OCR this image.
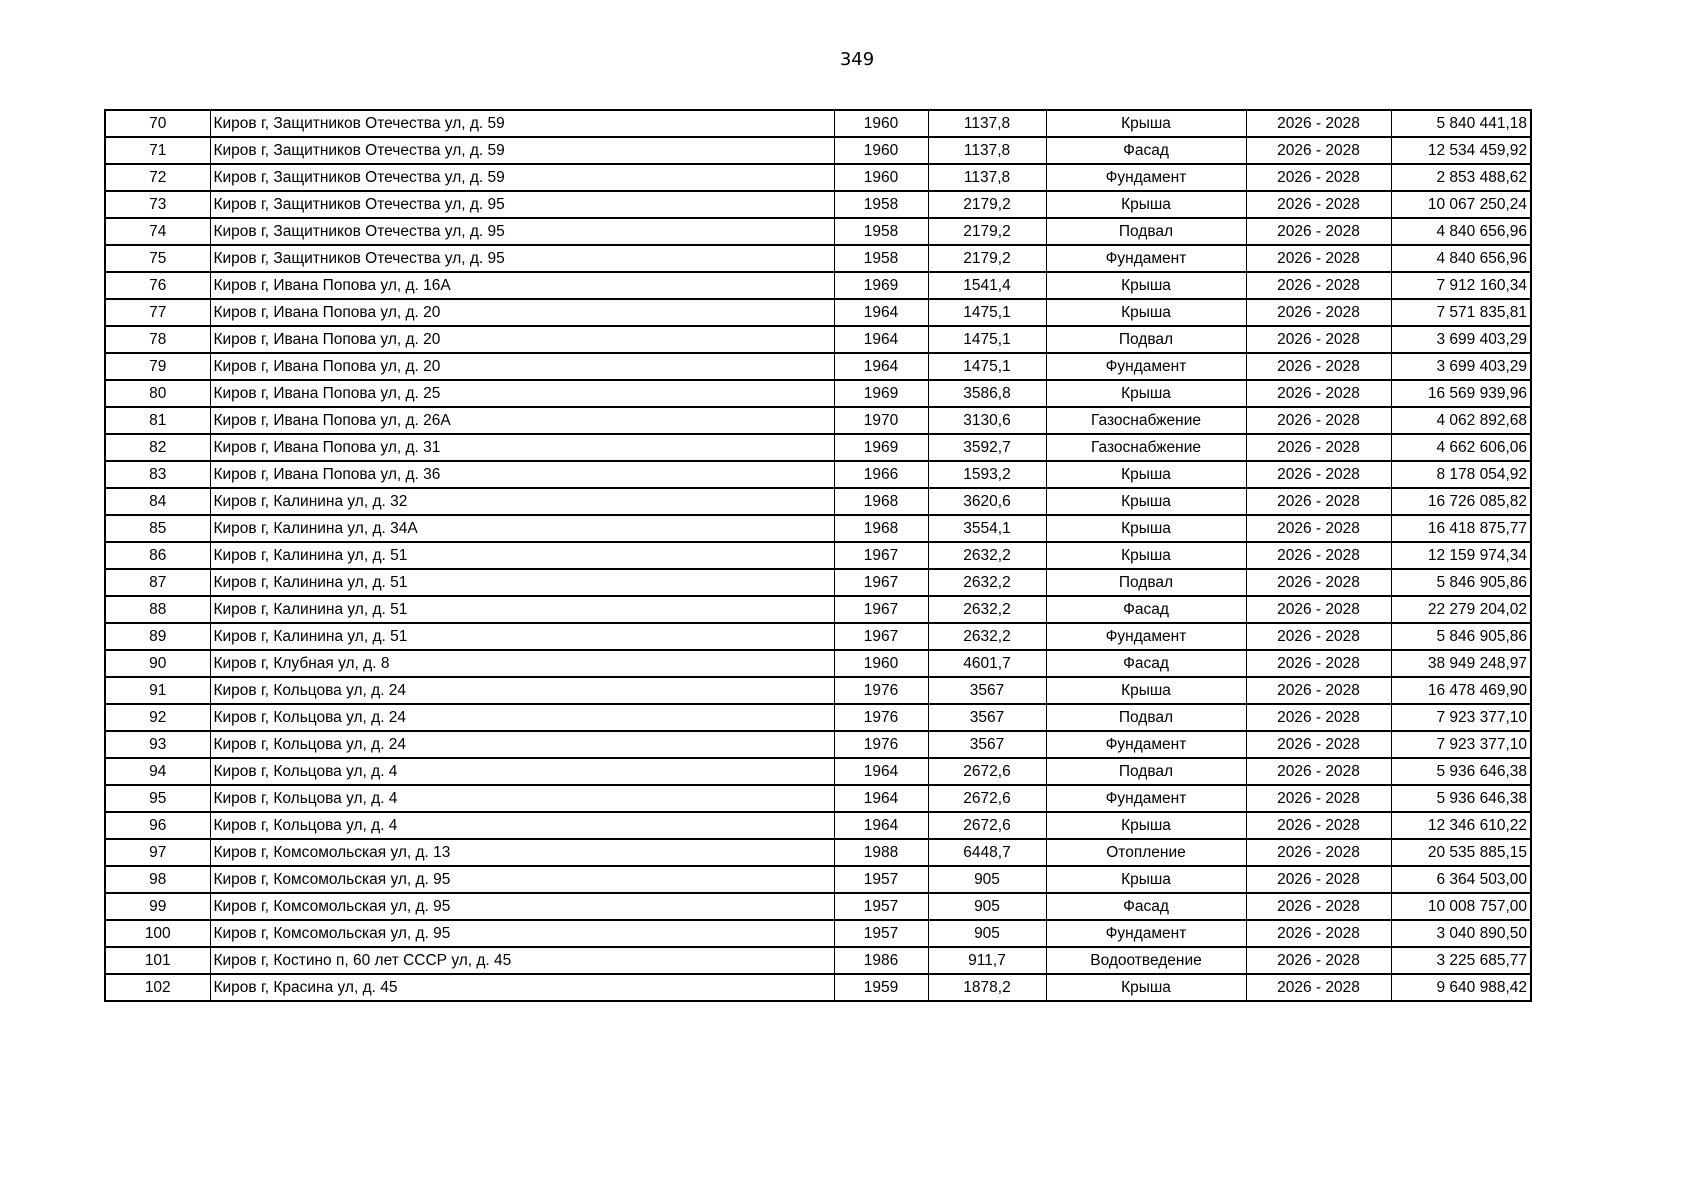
349
70	Киров г, Защитников Отечества ул, д. 59	1960	1137,8	Крыша	2026 - 2028	5 840 441,18
71	Киров г, Защитников Отечества ул, д. 59	1960	1137,8	Фасад	2026 - 2028	12 534 459,92
72	Киров г, Защитников Отечества ул, д. 59	1960	1137,8	Фундамент	2026 - 2028	2 853 488,62
73	Киров г, Защитников Отечества ул, д. 95	1958	2179,2	Крыша	2026 - 2028	10 067 250,24
74	Киров г, Защитников Отечества ул, д. 95	1958	2179,2	Подвал	2026 - 2028	4 840 656,96
75	Киров г, Защитников Отечества ул, д. 95	1958	2179,2	Фундамент	2026 - 2028	4 840 656,96
76	Киров г, Ивана Попова ул, д. 16А	1969	1541,4	Крыша	2026 - 2028	7 912 160,34
77	Киров г, Ивана Попова ул, д. 20	1964	1475,1	Крыша	2026 - 2028	7 571 835,81
78	Киров г, Ивана Попова ул, д. 20	1964	1475,1	Подвал	2026 - 2028	3 699 403,29
79	Киров г, Ивана Попова ул, д. 20	1964	1475,1	Фундамент	2026 - 2028	3 699 403,29
80	Киров г, Ивана Попова ул, д. 25	1969	3586,8	Крыша	2026 - 2028	16 569 939,96
81	Киров г, Ивана Попова ул, д. 26А	1970	3130,6	Газоснабжение	2026 - 2028	4 062 892,68
82	Киров г, Ивана Попова ул, д. 31	1969	3592,7	Газоснабжение	2026 - 2028	4 662 606,06
83	Киров г, Ивана Попова ул, д. 36	1966	1593,2	Крыша	2026 - 2028	8 178 054,92
84	Киров г, Калинина ул, д. 32	1968	3620,6	Крыша	2026 - 2028	16 726 085,82
85	Киров г, Калинина ул, д. 34А	1968	3554,1	Крыша	2026 - 2028	16 418 875,77
86	Киров г, Калинина ул, д. 51	1967	2632,2	Крыша	2026 - 2028	12 159 974,34
87	Киров г, Калинина ул, д. 51	1967	2632,2	Подвал	2026 - 2028	5 846 905,86
88	Киров г, Калинина ул, д. 51	1967	2632,2	Фасад	2026 - 2028	22 279 204,02
89	Киров г, Калинина ул, д. 51	1967	2632,2	Фундамент	2026 - 2028	5 846 905,86
90	Киров г, Клубная ул, д. 8	1960	4601,7	Фасад	2026 - 2028	38 949 248,97
91	Киров г, Кольцова ул, д. 24	1976	3567	Крыша	2026 - 2028	16 478 469,90
92	Киров г, Кольцова ул, д. 24	1976	3567	Подвал	2026 - 2028	7 923 377,10
93	Киров г, Кольцова ул, д. 24	1976	3567	Фундамент	2026 - 2028	7 923 377,10
94	Киров г, Кольцова ул, д. 4	1964	2672,6	Подвал	2026 - 2028	5 936 646,38
95	Киров г, Кольцова ул, д. 4	1964	2672,6	Фундамент	2026 - 2028	5 936 646,38
96	Киров г, Кольцова ул, д. 4	1964	2672,6	Крыша	2026 - 2028	12 346 610,22
97	Киров г, Комсомольская ул, д. 13	1988	6448,7	Отопление	2026 - 2028	20 535 885,15
98	Киров г, Комсомольская ул, д. 95	1957	905	Крыша	2026 - 2028	6 364 503,00
99	Киров г, Комсомольская ул, д. 95	1957	905	Фасад	2026 - 2028	10 008 757,00
100	Киров г, Комсомольская ул, д. 95	1957	905	Фундамент	2026 - 2028	3 040 890,50
101	Киров г, Костино п, 60 лет СССР ул, д. 45	1986	911,7	Водоотведение	2026 - 2028	3 225 685,77
102	Киров г, Красина ул, д. 45	1959	1878,2	Крыша	2026 - 2028	9 640 988,42
